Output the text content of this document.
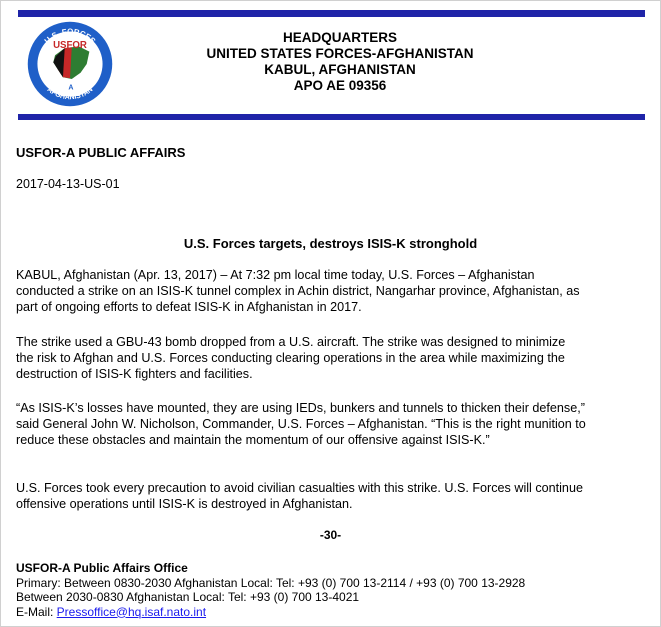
U.S. FORCES
AFGHANISTAN
USFOR
A
HEADQUARTERS
UNITED STATES FORCES-AFGHANISTAN
KABUL, AFGHANISTAN
APO AE 09356
USFOR-A PUBLIC AFFAIRS
2017-04-13-US-01
U.S. Forces targets, destroys ISIS-K stronghold
KABUL, Afghanistan (Apr. 13, 2017) – At 7:32 pm local time today, U.S. Forces – Afghanistan conducted a strike on an ISIS-K tunnel complex in Achin district, Nangarhar province, Afghanistan, as part of ongoing efforts to defeat ISIS-K in Afghanistan in 2017.
The strike used a GBU-43 bomb dropped from a U.S. aircraft. The strike was designed to minimize the risk to Afghan and U.S. Forces conducting clearing operations in the area while maximizing the destruction of ISIS-K fighters and facilities.
“As ISIS-K’s losses have mounted, they are using IEDs, bunkers and tunnels to thicken their defense,” said General John W. Nicholson, Commander, U.S. Forces – Afghanistan. “This is the right munition to reduce these obstacles and maintain the momentum of our offensive against ISIS-K.”
U.S. Forces took every precaution to avoid civilian casualties with this strike. U.S. Forces will continue offensive operations until ISIS-K is destroyed in Afghanistan.
-30-
USFOR-A Public Affairs Office
Primary: Between 0830-2030 Afghanistan Local: Tel: +93 (0) 700 13-2114 / +93 (0) 700 13-2928
Between 2030-0830 Afghanistan Local: Tel: +93 (0) 700 13-4021
E-Mail: Pressoffice@hq.isaf.nato.int
